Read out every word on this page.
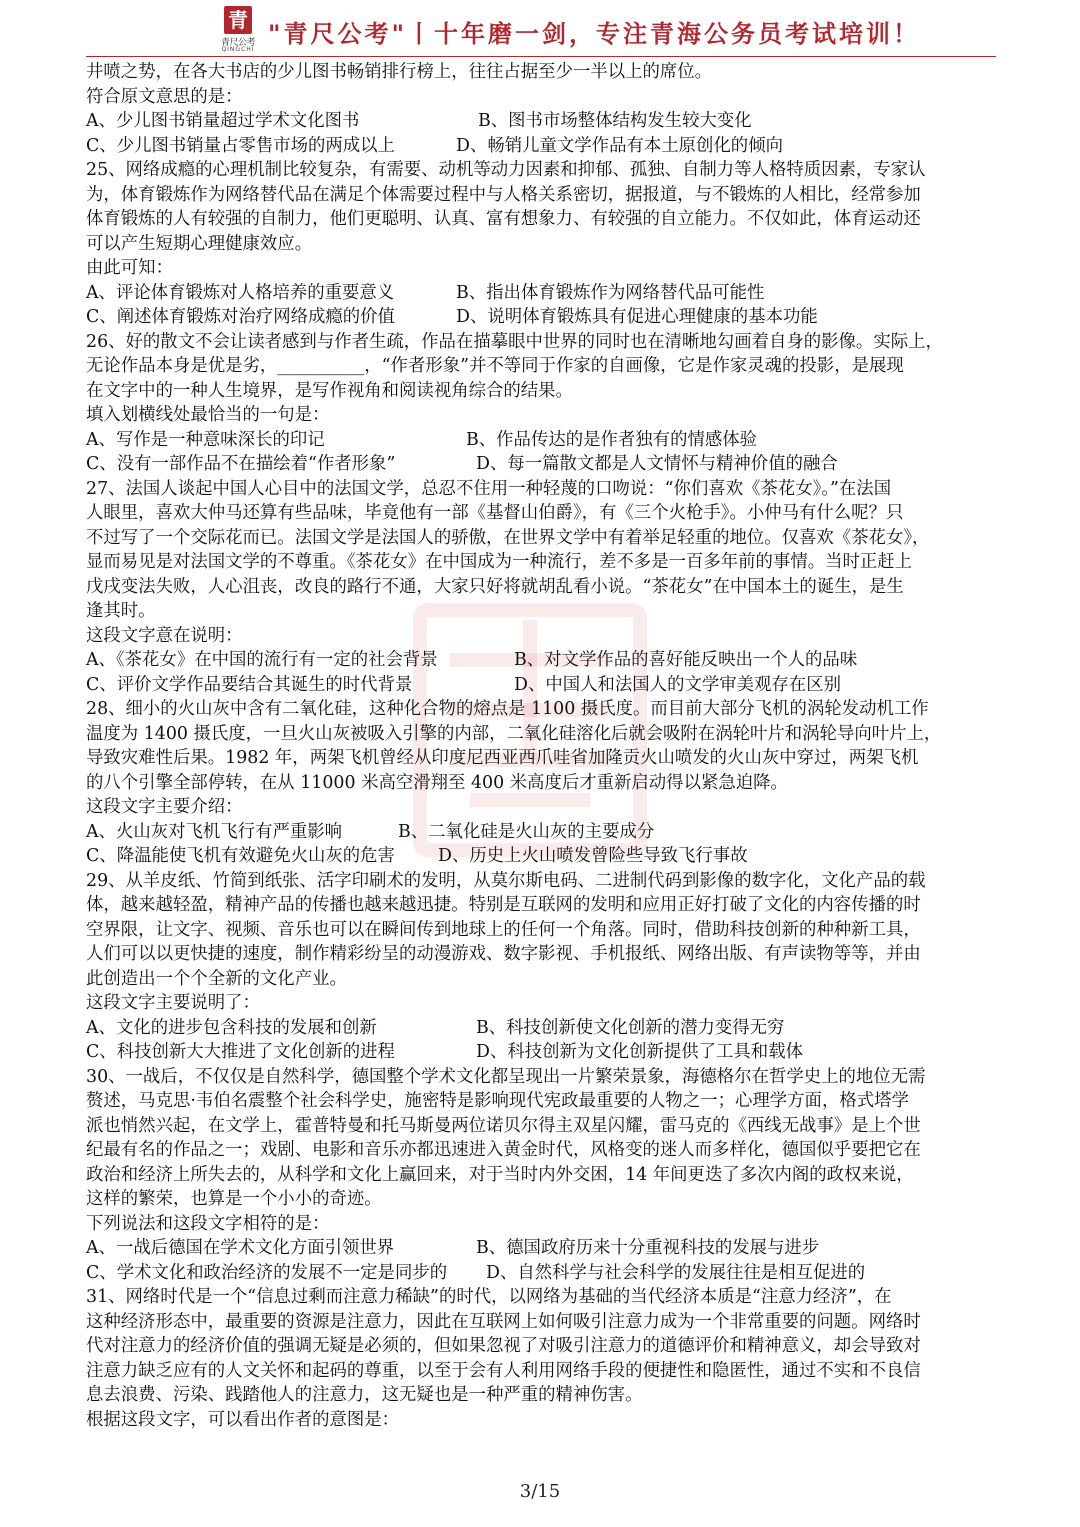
青
青尺公考
QINGCHI
"青尺公考"丨十年磨一剑，专注青海公务员考试培训！
井喷之势，在各大书店的少儿图书畅销排行榜上，往往占据至少一半以上的席位。
符合原文意思的是：
A、少儿图书销量超过学术文化图书	B、图书市场整体结构发生较大变化
C、少儿图书销量占零售市场的两成以上	D、畅销儿童文学作品有本土原创化的倾向
25、网络成瘾的心理机制比较复杂，有需要、动机等动力因素和抑郁、孤独、自制力等人格特质因素，专家认
为，体育锻炼作为网络替代品在满足个体需要过程中与人格关系密切，据报道，与不锻炼的人相比，经常参加
体育锻炼的人有较强的自制力，他们更聪明、认真、富有想象力、有较强的自立能力。不仅如此，体育运动还
可以产生短期心理健康效应。
由此可知：
A、评论体育锻炼对人格培养的重要意义	B、指出体育锻炼作为网络替代品可能性
C、阐述体育锻炼对治疗网络成瘾的价值	D、说明体育锻炼具有促进心理健康的基本功能
26、好的散文不会让读者感到与作者生疏，作品在描摹眼中世界的同时也在清晰地勾画着自身的影像。实际上，
无论作品本身是优是劣，__________，“作者形象”并不等同于作家的自画像，它是作家灵魂的投影，是展现
在文字中的一种人生境界，是写作视角和阅读视角综合的结果。
填入划横线处最恰当的一句是：
A、写作是一种意味深长的印记	B、作品传达的是作者独有的情感体验
C、没有一部作品不在描绘着“作者形象”	D、每一篇散文都是人文情怀与精神价值的融合
27、法国人谈起中国人心目中的法国文学，总忍不住用一种轻蔑的口吻说：“你们喜欢《茶花女》。”在法国
人眼里，喜欢大仲马还算有些品味，毕竟他有一部《基督山伯爵》，有《三个火枪手》。小仲马有什么呢？只
不过写了一个交际花而已。法国文学是法国人的骄傲，在世界文学中有着举足轻重的地位。仅喜欢《茶花女》，
显而易见是对法国文学的不尊重。《茶花女》在中国成为一种流行，差不多是一百多年前的事情。当时正赶上
戊戌变法失败，人心沮丧，改良的路行不通，大家只好将就胡乱看小说。“茶花女”在中国本土的诞生，是生
逢其时。
这段文字意在说明：
A、《茶花女》在中国的流行有一定的社会背景	B、对文学作品的喜好能反映出一个人的品味
C、评价文学作品要结合其诞生的时代背景	D、中国人和法国人的文学审美观存在区别
28、细小的火山灰中含有二氧化硅，这种化合物的熔点是 1100 摄氏度。而目前大部分飞机的涡轮发动机工作
温度为 1400 摄氏度，一旦火山灰被吸入引擎的内部，二氧化硅溶化后就会吸附在涡轮叶片和涡轮导向叶片上，
导致灾难性后果。1982 年，两架飞机曾经从印度尼西亚西爪哇省加隆贡火山喷发的火山灰中穿过，两架飞机
的八个引擎全部停转，在从 11000 米高空滑翔至 400 米高度后才重新启动得以紧急迫降。
这段文字主要介绍：
A、火山灰对飞机飞行有严重影响	B、二氧化硅是火山灰的主要成分
C、降温能使飞机有效避免火山灰的危害 D、历史上火山喷发曾险些导致飞行事故
29、从羊皮纸、竹简到纸张、活字印刷术的发明，从莫尔斯电码、二进制代码到影像的数字化，文化产品的载
体，越来越轻盈，精神产品的传播也越来越迅捷。特别是互联网的发明和应用正好打破了文化的内容传播的时
空界限，让文字、视频、音乐也可以在瞬间传到地球上的任何一个角落。同时，借助科技创新的种种新工具，
人们可以以更快捷的速度，制作精彩纷呈的动漫游戏、数字影视、手机报纸、网络出版、有声读物等等，并由
此创造出一个个全新的文化产业。
这段文字主要说明了：
A、文化的进步包含科技的发展和创新	B、科技创新使文化创新的潜力变得无穷
C、科技创新大大推进了文化创新的进程	D、科技创新为文化创新提供了工具和载体
30、一战后，不仅仅是自然科学，德国整个学术文化都呈现出一片繁荣景象，海德格尔在哲学史上的地位无需
赘述，马克思·韦伯名震整个社会科学史，施密特是影响现代宪政最重要的人物之一；心理学方面，格式塔学
派也悄然兴起，在文学上，霍普特曼和托马斯曼两位诺贝尔得主双星闪耀，雷马克的《西线无战事》是上个世
纪最有名的作品之一；戏剧、电影和音乐亦都迅速进入黄金时代，风格变的迷人而多样化，德国似乎要把它在
政治和经济上所失去的，从科学和文化上赢回来，对于当时内外交困，14 年间更迭了多次内阁的政权来说，
这样的繁荣，也算是一个小小的奇迹。
下列说法和这段文字相符的是：
A、一战后德国在学术文化方面引领世界	B、德国政府历来十分重视科技的发展与进步
C、学术文化和政治经济的发展不一定是同步的 D、自然科学与社会科学的发展往往是相互促进的
31、网络时代是一个“信息过剩而注意力稀缺”的时代，以网络为基础的当代经济本质是“注意力经济”，在
这种经济形态中，最重要的资源是注意力，因此在互联网上如何吸引注意力成为一个非常重要的问题。网络时
代对注意力的经济价值的强调无疑是必须的，但如果忽视了对吸引注意力的道德评价和精神意义，却会导致对
注意力缺乏应有的人文关怀和起码的尊重，以至于会有人利用网络手段的便捷性和隐匿性，通过不实和不良信
息去浪费、污染、践踏他人的注意力，这无疑也是一种严重的精神伤害。
根据这段文字，可以看出作者的意图是：
3/15
